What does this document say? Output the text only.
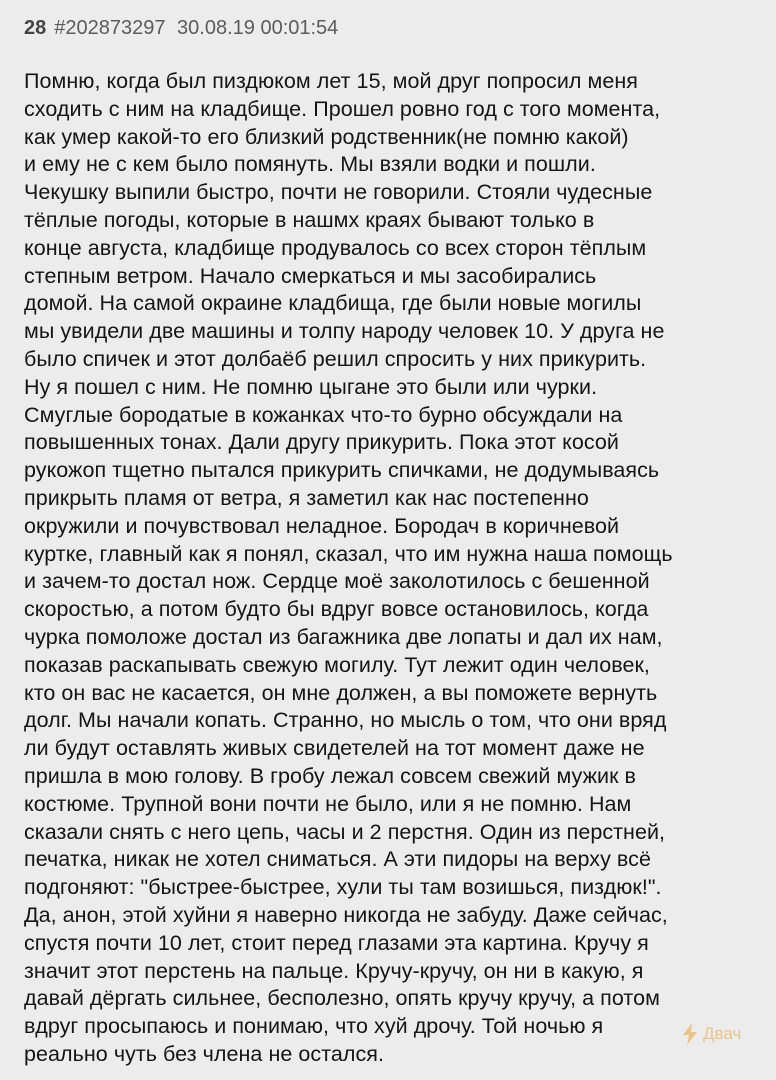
28 #202873297 30.08.19 00:01:54
Помню, когда был пиздюком лет 15, мой друг попросил меня
сходить с ним на кладбище. Прошел ровно год с того момента,
как умер какой-то его близкий родственник(не помню какой)
и ему не с кем было помянуть. Мы взяли водки и пошли.
Чекушку выпили быстро, почти не говорили. Стояли чудесные
тёплые погоды, которые в нашмх краях бывают только в
конце августа, кладбище продувалось со всех сторон тёплым
степным ветром. Начало смеркаться и мы засобирались
домой. На самой окраине кладбища, где были новые могилы
мы увидели две машины и толпу народу человек 10. У друга не
было спичек и этот долбаёб решил спросить у них прикурить.
Ну я пошел с ним. Не помню цыгане это были или чурки.
Смуглые бородатые в кожанках что-то бурно обсуждали на
повышенных тонах. Дали другу прикурить. Пока этот косой
рукожоп тщетно пытался прикурить спичками, не додумываясь
прикрыть пламя от ветра, я заметил как нас постепенно
окружили и почувствовал неладное. Бородач в коричневой
куртке, главный как я понял, сказал, что им нужна наша помощь
и зачем-то достал нож. Сердце моё заколотилось с бешенной
скоростью, а потом будто бы вдруг вовсе остановилось, когда
чурка помоложе достал из багажника две лопаты и дал их нам,
показав раскапывать свежую могилу. Тут лежит один человек,
кто он вас не касается, он мне должен, а вы поможете вернуть
долг. Мы начали копать. Странно, но мысль о том, что они вряд
ли будут оставлять живых свидетелей на тот момент даже не
пришла в мою голову. В гробу лежал совсем свежий мужик в
костюме. Трупной вони почти не было, или я не помню. Нам
сказали снять с него цепь, часы и 2 перстня. Один из перстней,
печатка, никак не хотел сниматься. А эти пидоры на верху всё
подгоняют: "быстрее-быстрее, хули ты там возишься, пиздюк!".
Да, анон, этой хуйни я наверно никогда не забуду. Даже сейчас,
спустя почти 10 лет, стоит перед глазами эта картина. Кручу я
значит этот перстень на пальце. Кручу-кручу, он ни в какую, я
давай дёргать сильнее, бесполезно, опять кручу кручу, а потом
вдруг просыпаюсь и понимаю, что хуй дрочу. Той ночью я
реально чуть без члена не остался.
Двач
